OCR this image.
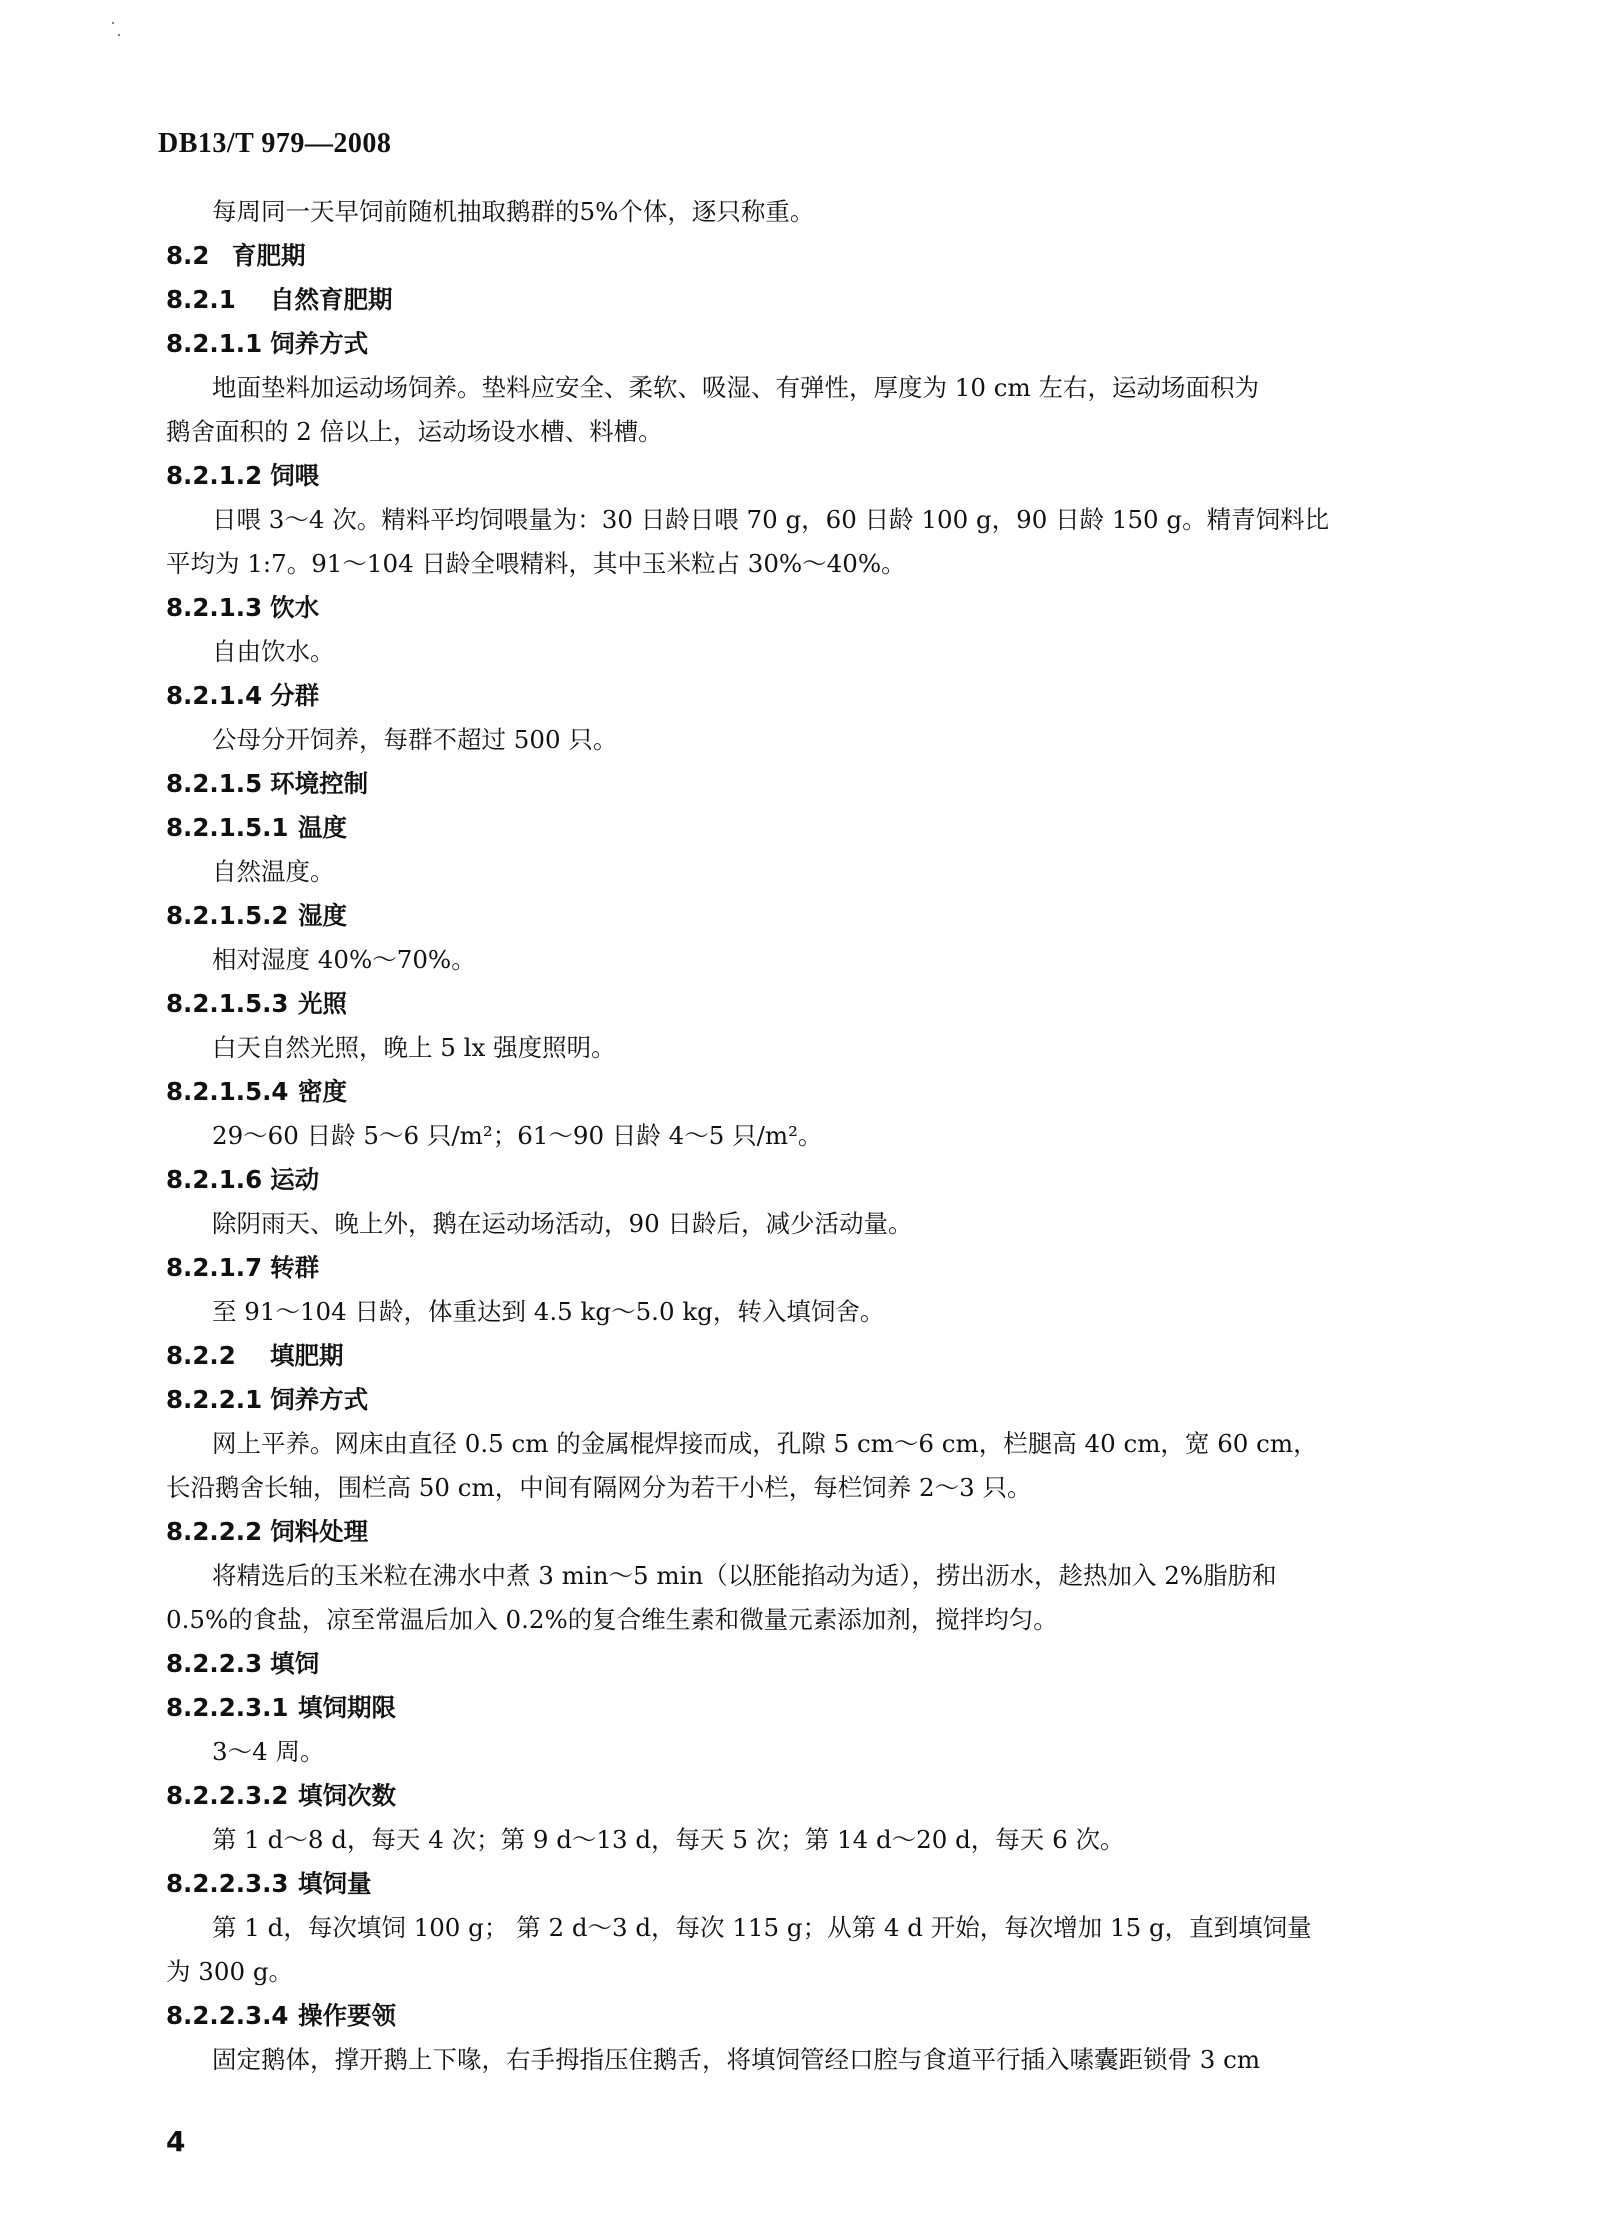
DB13/T 979—2008
每周同一天早饲前随机抽取鹅群的5%个体，逐只称重。
8.2 育肥期
8.2.1 自然育肥期
8.2.1.1 饲养方式
地面垫料加运动场饲养。垫料应安全、柔软、吸湿、有弹性，厚度为 10 cm 左右，运动场面积为
鹅舍面积的 2 倍以上，运动场设水槽、料槽。
8.2.1.2 饲喂
日喂 3～4 次。精料平均饲喂量为：30 日龄日喂 70 g，60 日龄 100 g，90 日龄 150 g。精青饲料比
平均为 1:7。91～104 日龄全喂精料，其中玉米粒占 30%～40%。
8.2.1.3 饮水
自由饮水。
8.2.1.4 分群
公母分开饲养，每群不超过 500 只。
8.2.1.5 环境控制
8.2.1.5.1 温度
自然温度。
8.2.1.5.2 湿度
相对湿度 40%～70%。
8.2.1.5.3 光照
白天自然光照，晚上 5 lx 强度照明。
8.2.1.5.4 密度
29～60 日龄 5～6 只/m²；61～90 日龄 4～5 只/m²。
8.2.1.6 运动
除阴雨天、晚上外，鹅在运动场活动，90 日龄后，减少活动量。
8.2.1.7 转群
至 91～104 日龄，体重达到 4.5 kg～5.0 kg，转入填饲舍。
8.2.2 填肥期
8.2.2.1 饲养方式
网上平养。网床由直径 0.5 cm 的金属棍焊接而成，孔隙 5 cm～6 cm，栏腿高 40 cm，宽 60 cm，
长沿鹅舍长轴，围栏高 50 cm，中间有隔网分为若干小栏，每栏饲养 2～3 只。
8.2.2.2 饲料处理
将精选后的玉米粒在沸水中煮 3 min～5 min（以胚能掐动为适），捞出沥水，趁热加入 2%脂肪和
0.5%的食盐，凉至常温后加入 0.2%的复合维生素和微量元素添加剂，搅拌均匀。
8.2.2.3 填饲
8.2.2.3.1 填饲期限
3～4 周。
8.2.2.3.2 填饲次数
第 1 d～8 d，每天 4 次；第 9 d～13 d，每天 5 次；第 14 d～20 d，每天 6 次。
8.2.2.3.3 填饲量
第 1 d，每次填饲 100 g； 第 2 d～3 d，每次 115 g；从第 4 d 开始，每次增加 15 g，直到填饲量
为 300 g。
8.2.2.3.4 操作要领
固定鹅体，撑开鹅上下喙，右手拇指压住鹅舌，将填饲管经口腔与食道平行插入嗉囊距锁骨 3 cm
4
